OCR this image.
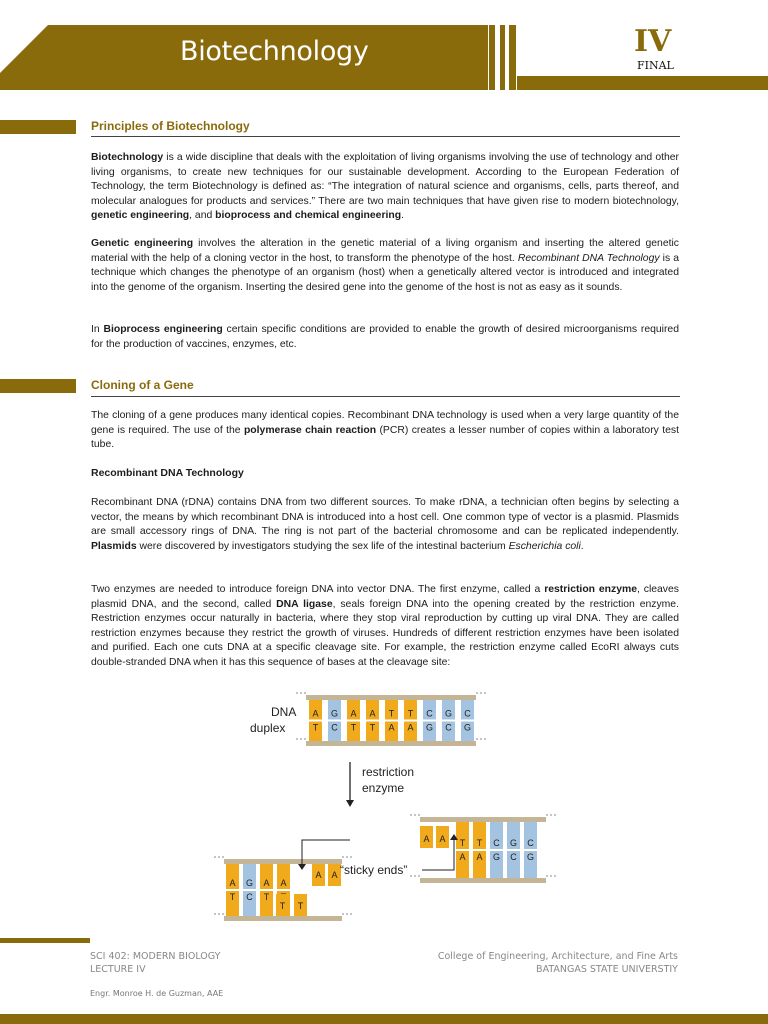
Biotechnology	IV
FINAL
Principles of Biotechnology

Biotechnology is a wide discipline that deals with the exploitation of living organisms involving the use of technology and other living organisms, to create new techniques for our sustainable development. According to the European Federation of Technology, the term Biotechnology is defined as: “The integration of natural science and organisms, cells, parts thereof, and molecular analogues for products and services.” There are two main techniques that have given rise to modern biotechnology, genetic engineering, and bioprocess and chemical engineering.

Genetic engineering involves the alteration in the genetic material of a living organism and inserting the altered genetic material with the help of a cloning vector in the host, to transform the phenotype of the host. Recombinant DNA Technology is a technique which changes the phenotype of an organism (host) when a genetically altered vector is introduced and integrated into the genome of the organism. Inserting the desired gene into the genome of the host is not as easy as it sounds.

In Bioprocess engineering certain specific conditions are provided to enable the growth of desired microorganisms required for the production of vaccines, enzymes, etc.

Cloning of a Gene

The cloning of a gene produces many identical copies. Recombinant DNA technology is used when a very large quantity of the gene is required. The use of the polymerase chain reaction (PCR) creates a lesser number of copies within a laboratory test tube.

Recombinant DNA Technology

Recombinant DNA (rDNA) contains DNA from two different sources. To make rDNA, a technician often begins by selecting a vector, the means by which recombinant DNA is introduced into a host cell. One common type of vector is a plasmid. Plasmids are small accessory rings of DNA. The ring is not part of the bacterial chromosome and can be replicated independently. Plasmids were discovered by investigators studying the sex life of the intestinal bacterium Escherichia coli.

Two enzymes are needed to introduce foreign DNA into vector DNA. The first enzyme, called a restriction enzyme, cleaves plasmid DNA, and the second, called DNA ligase, seals foreign DNA into the opening created by the restriction enzyme. Restriction enzymes occur naturally in bacteria, where they stop viral reproduction by cutting up viral DNA. They are called restriction enzymes because they restrict the growth of viruses. Hundreds of different restriction enzymes have been isolated and purified. Each one cuts DNA at a specific cleavage site. For example, the restriction enzyme called EcoRI always cuts double-stranded DNA when it has this sequence of bases at the cleavage site:

A
T
G
C
A
T
A
T
T
A
T
A
C
G
G
C
C
G
T
A
T
A
C
G
G
C
C
G
A A
A
T
G
C
A
T
A
T T
A A
DNA
duplex
restriction
enzyme
“sticky ends”
SCI 402: MODERN BIOLOGY
LECTURE IV
College of Engineering, Architecture, and Fine Arts
BATANGAS STATE UNIVERSTIY
Engr. Monroe H. de Guzman, AAE
